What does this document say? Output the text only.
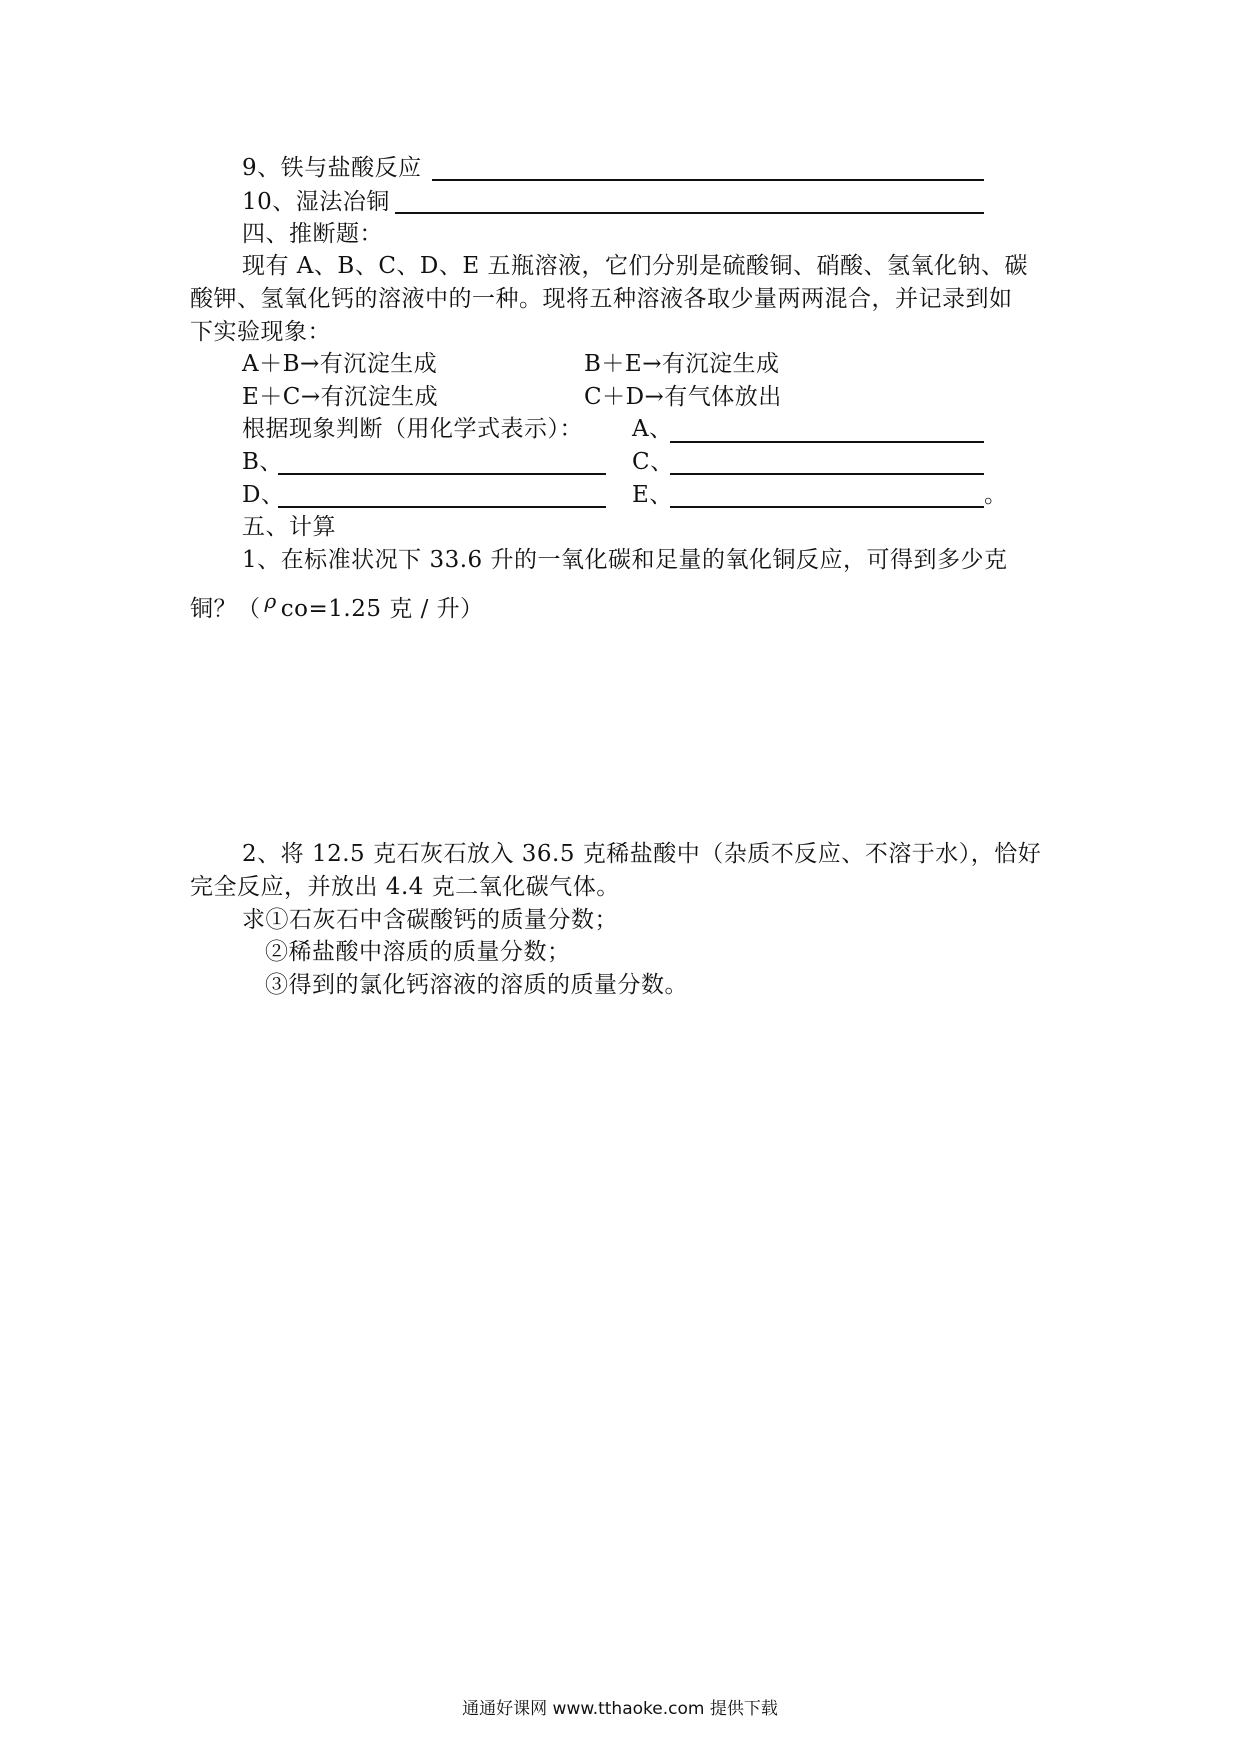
9、铁与盐酸反应
10、湿法冶铜
四、推断题：
现有 A、B、C、D、E 五瓶溶液，它们分别是硫酸铜、硝酸、氢氧化钠、碳
酸钾、氢氧化钙的溶液中的一种。现将五种溶液各取少量两两混合，并记录到如
下实验现象：
A＋B→有沉淀生成	B＋E→有沉淀生成
E＋C→有沉淀生成	C＋D→有气体放出
根据现象判断（用化学式表示）： A、
B、	C、
D、	E、	。
五、计算
1、在标准状况下 33.6 升的一氧化碳和足量的氧化铜反应，可得到多少克
铜？（ ρ co=1.25 克 / 升）
2、将 12.5 克石灰石放入 36.5 克稀盐酸中（杂质不反应、不溶于水），恰好
完全反应，并放出 4.4 克二氧化碳气体。
求①石灰石中含碳酸钙的质量分数；
②稀盐酸中溶质的质量分数；
③得到的氯化钙溶液的溶质的质量分数。
通通好课网 www.tthaoke.com 提供下载
